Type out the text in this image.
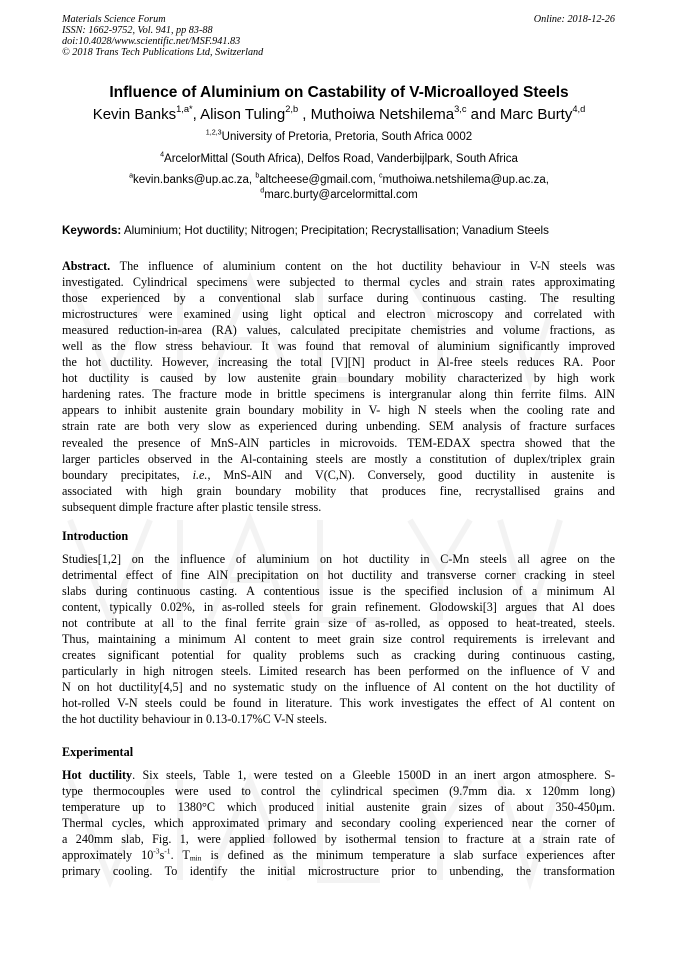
Materials Science Forum
ISSN: 1662-9752, Vol. 941, pp 83-88
doi:10.4028/www.scientific.net/MSF.941.83
© 2018 Trans Tech Publications Ltd, Switzerland
Online: 2018-12-26
Influence of Aluminium on Castability of V-Microalloyed Steels
Kevin Banks$^{1,a*}$, Alison Tuling$^{2,b}$ , Muthoiwa Netshilema$^{3,c}$ and Marc Burty$^{4,d}$
$^{1,2,3}$University of Pretoria, Pretoria, South Africa 0002
$^4$ArcelorMittal (South Africa), Delfos Road, Vanderbijlpark, South Africa
$^a$kevin.banks@up.ac.za, $^b$altcheese@gmail.com, $^c$muthoiwa.netshilema@up.ac.za,
$^d$marc.burty@arcelormittal.com
Keywords: Aluminium; Hot ductility; Nitrogen; Precipitation; Recrystallisation; Vanadium Steels
Abstract. The influence of aluminium content on the hot ductility behaviour in V-N steels was
investigated. Cylindrical specimens were subjected to thermal cycles and strain rates approximating
those experienced by a conventional slab surface during continuous casting. The resulting
microstructures were examined using light optical and electron microscopy and correlated with
measured reduction-in-area (RA) values, calculated precipitate chemistries and volume fractions, as
well as the flow stress behaviour. It was found that removal of aluminium significantly improved
the hot ductility. However, increasing the total [V][N] product in Al-free steels reduces RA. Poor
hot ductility is caused by low austenite grain boundary mobility characterized by high work
hardening rates. The fracture mode in brittle specimens is intergranular along thin ferrite films. AlN
appears to inhibit austenite grain boundary mobility in V- high N steels when the cooling rate and
strain rate are both very slow as experienced during unbending. SEM analysis of fracture surfaces
revealed the presence of MnS-AlN particles in microvoids. TEM-EDAX spectra showed that the
larger particles observed in the Al-containing steels are mostly a constitution of duplex/triplex grain
boundary precipitates, i.e., MnS-AlN and V(C,N). Conversely, good ductility in austenite is
associated with high grain boundary mobility that produces fine, recrystallised grains and
subsequent dimple fracture after plastic tensile stress.
Introduction
Studies[1,2] on the influence of aluminium on hot ductility in C-Mn steels all agree on the
detrimental effect of fine AlN precipitation on hot ductility and transverse corner cracking in steel
slabs during continuous casting. A contentious issue is the specified inclusion of a minimum Al
content, typically 0.02%, in as-rolled steels for grain refinement. Glodowski[3] argues that Al does
not contribute at all to the final ferrite grain size of as-rolled, as opposed to heat-treated, steels.
Thus, maintaining a minimum Al content to meet grain size control requirements is irrelevant and
creates significant potential for quality problems such as cracking during continuous casting,
particularly in high nitrogen steels. Limited research has been performed on the influence of V and
N on hot ductility[4,5] and no systematic study on the influence of Al content on the hot ductility of
hot-rolled V-N steels could be found in literature. This work investigates the effect of Al content on
the hot ductility behaviour in 0.13-0.17%C V-N steels.
Experimental
Hot ductility. Six steels, Table 1, were tested on a Gleeble 1500D in an inert argon atmosphere. S-
type thermocouples were used to control the cylindrical specimen (9.7mm dia. x 120mm long)
temperature up to 1380°C which produced initial austenite grain sizes of about 350-450μm.
Thermal cycles, which approximated primary and secondary cooling experienced near the corner of
a 240mm slab, Fig. 1, were applied followed by isothermal tension to fracture at a strain rate of
approximately $10^{-3}s^{-1}$. $T_{min}$ is defined as the minimum temperature a slab surface experiences after
primary cooling. To identify the initial microstructure prior to unbending, the transformation
